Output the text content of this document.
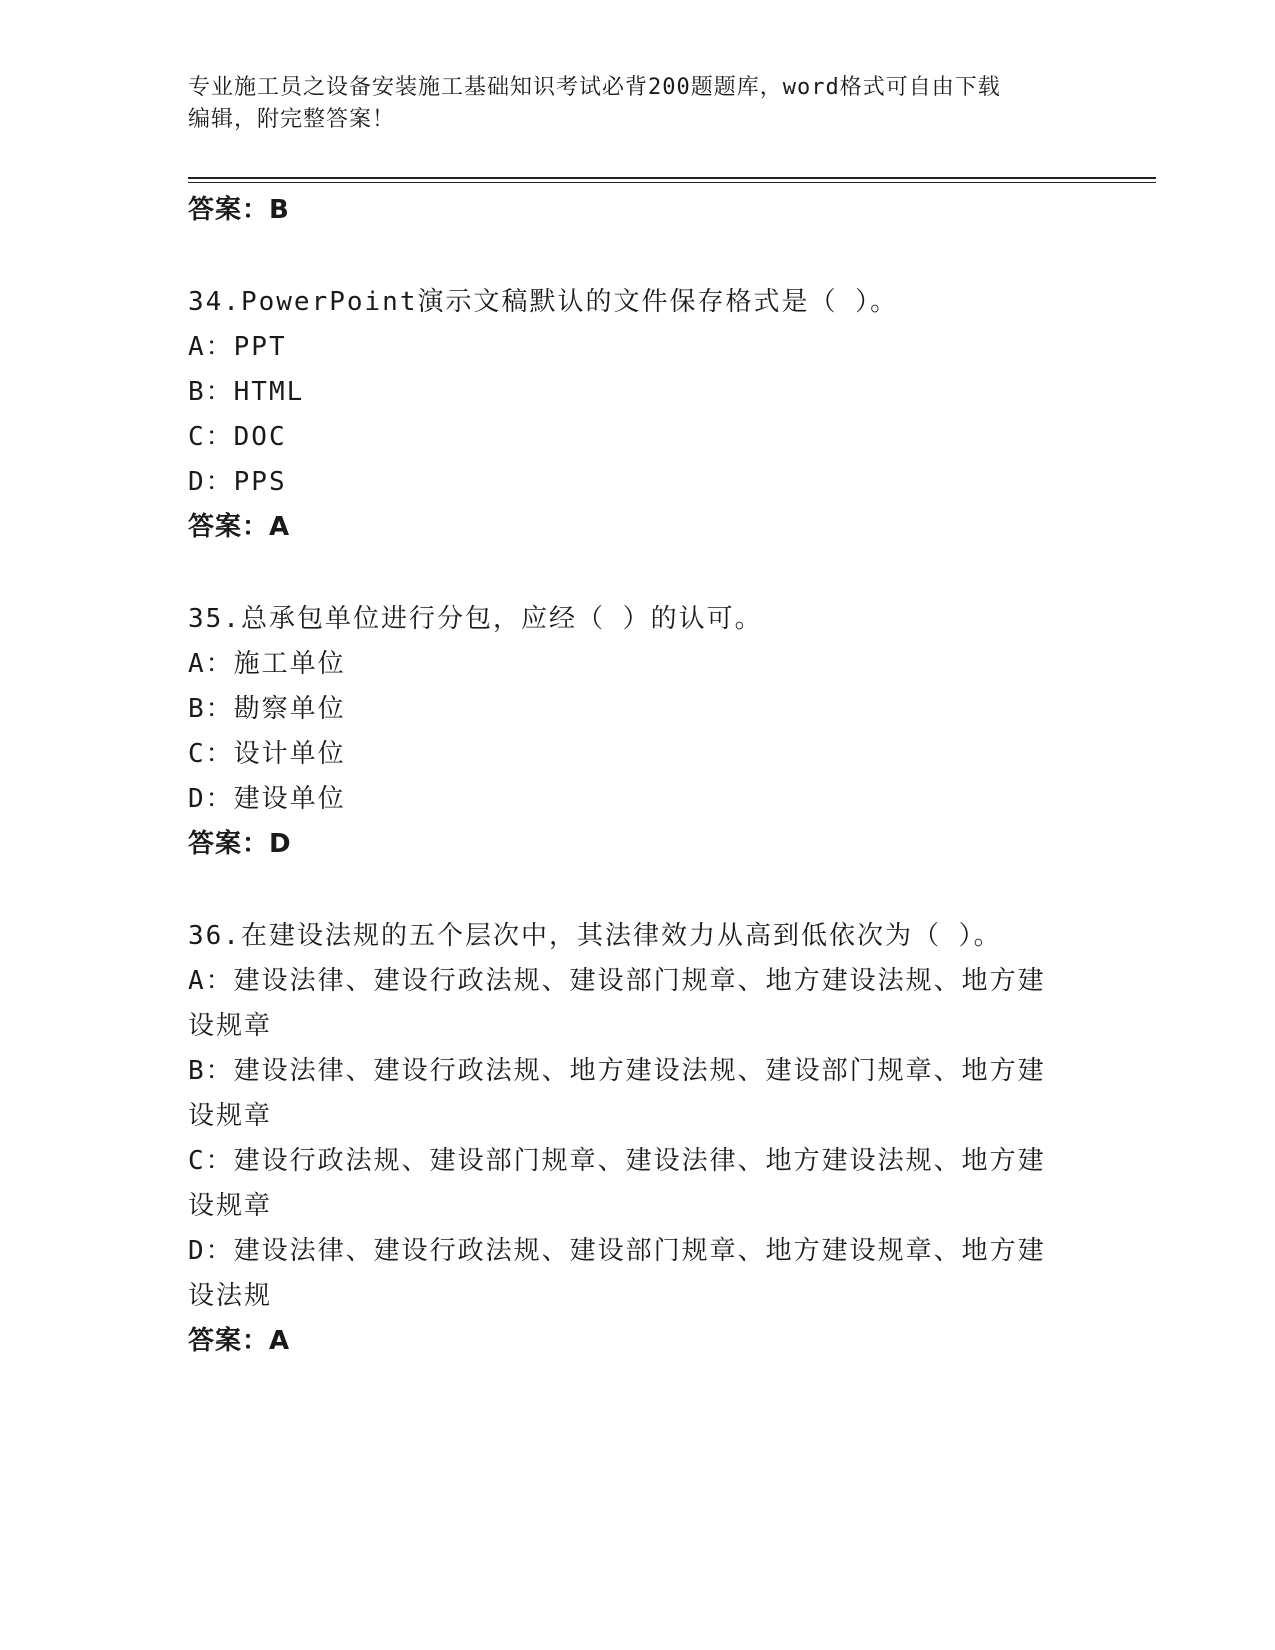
专业施工员之设备安装施工基础知识考试必背200题题库，word格式可自由下载
编辑，附完整答案！
答案：B
34.PowerPoint演示文稿默认的文件保存格式是（ ）。
A：PPT
B：HTML
C：DOC
D：PPS
答案：A
35.总承包单位进行分包，应经（ ）的认可。
A：施工单位
B：勘察单位
C：设计单位
D：建设单位
答案：D
36.在建设法规的五个层次中，其法律效力从高到低依次为（ ）。
A：建设法律、建设行政法规、建设部门规章、地方建设法规、地方建设规章
B：建设法律、建设行政法规、地方建设法规、建设部门规章、地方建设规章
C：建设行政法规、建设部门规章、建设法律、地方建设法规、地方建设规章
D：建设法律、建设行政法规、建设部门规章、地方建设规章、地方建设法规
答案：A
